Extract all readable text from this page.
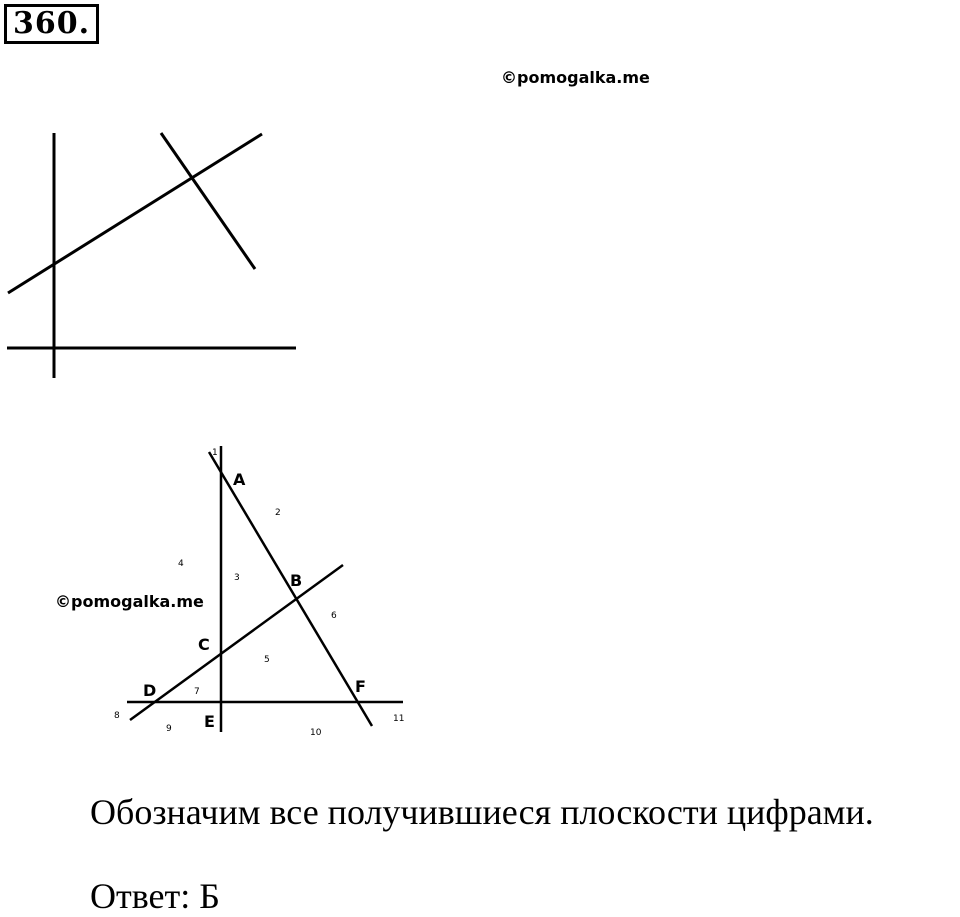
360.
©pomogalka.me
A
B
C
D
E
F
1
2
3
4
5
6
7
8
9	10
11
©pomogalka.me
Обозначим все получившиеся плоскости цифрами.
Ответ: Б
